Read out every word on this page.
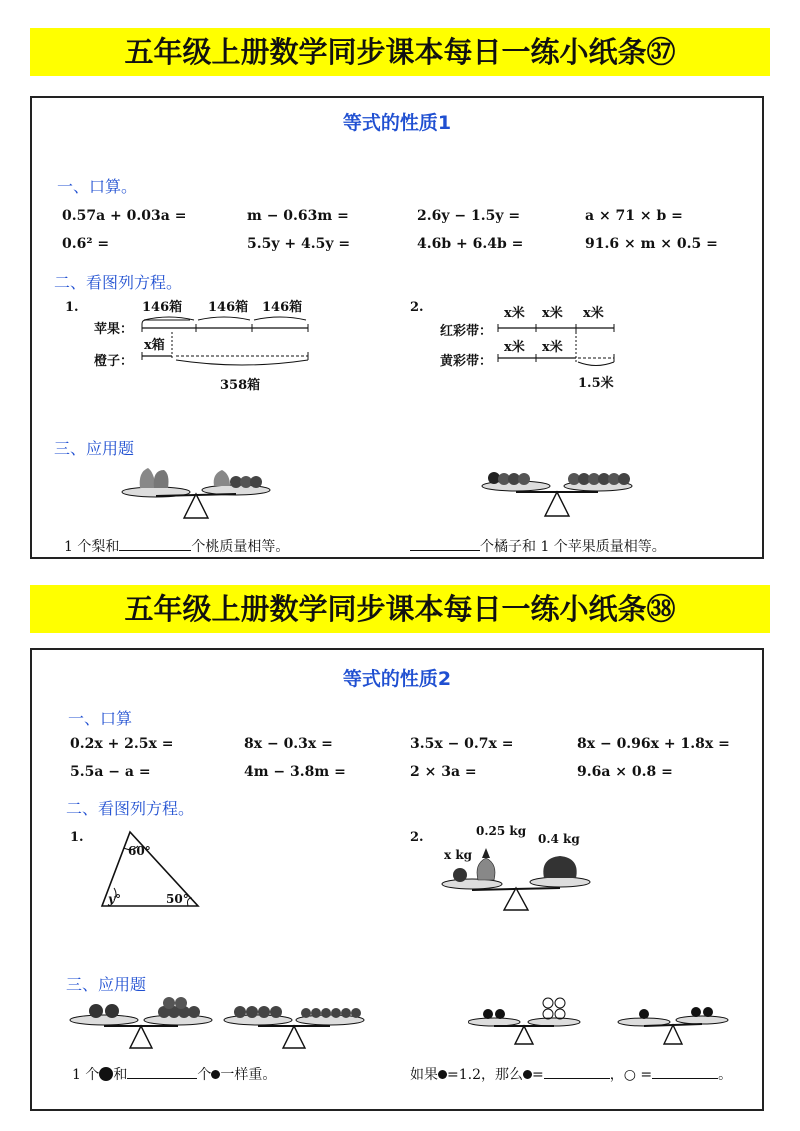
五年级上册数学同步课本每日一练小纸条㊲
等式的性质1
一、口算。
0.57a + 0.03a =	m − 0.63m =	2.6y − 1.5y =	a × 71 × b =
0.6² =	5.5y + 4.5y =	4.6b + 6.4b =	91.6 × m × 0.5 =
二、看图列方程。
1.	146箱 146箱 146箱
苹果：
x箱
橙子：
358箱
2.	x米 x米 x米
红彩带：
x米 x米
黄彩带：
1.5米
三、应用题
1 个梨和	个桃质量相等。	个橘子和 1 个苹果质量相等。
五年级上册数学同步课本每日一练小纸条㊳
等式的性质2
一、口算
0.2x + 2.5x =	8x − 0.3x =	3.5x − 0.7x =	8x − 0.96x + 1.8x =
5.5a − a =	4m − 3.8m =	2 × 3a =	9.6a × 0.8 =
二、看图列方程。
1.
60°
y°	50°
2.
x kg
0.25 kg
0.4 kg
三、应用题
1 个 和	个 一样重。	如果 =1.2，那么 =	，○ =	。
